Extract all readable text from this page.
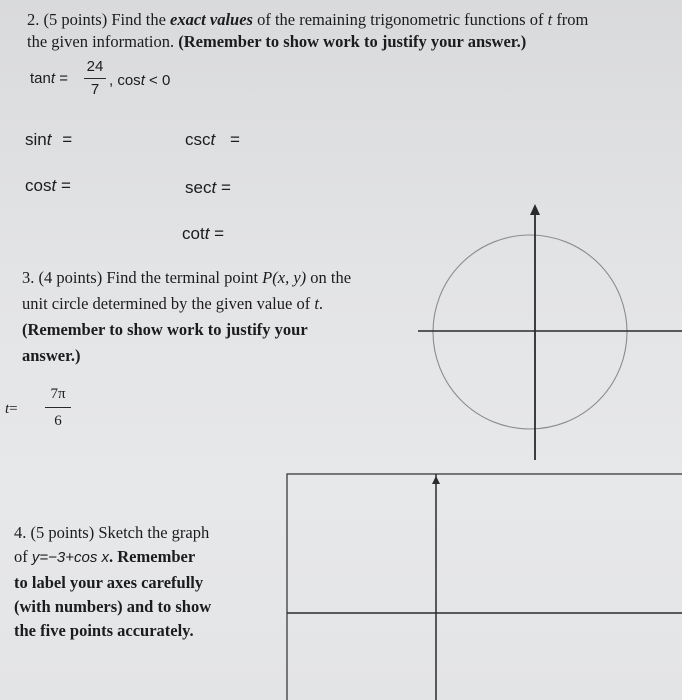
2. (5 points) Find the exact values of the remaining trigonometric functions of t from
the given information. (Remember to show work to justify your answer.)
tant =
24
7
, cost < 0
sint =	csct =
cost =	sect =
cott =
3. (4 points) Find the terminal point P(x, y) on the
unit circle determined by the given value of t.
(Remember to show work to justify your
answer.)
t=
7π
6
4. (5 points) Sketch the graph
of y=−3+cos x. Remember
to label your axes carefully
(with numbers) and to show
the five points accurately.
